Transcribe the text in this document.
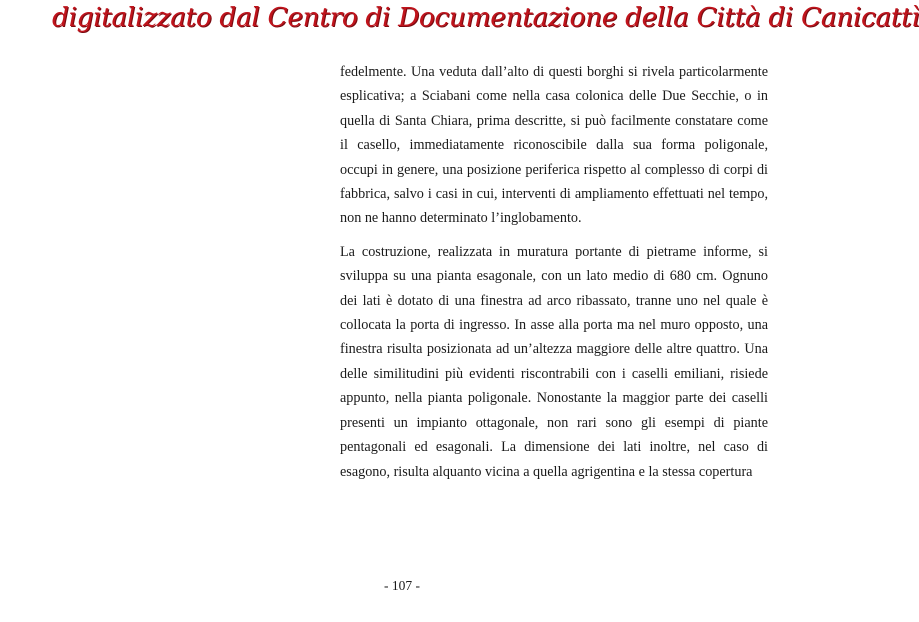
digitalizzato dal Centro di Documentazione della Città di Canicattì

fedelmente. Una veduta dall’alto di questi borghi si rivela particolarmente esplicativa; a Sciabani come nella casa colonica delle Due Secchie, o in quella di Santa Chiara, prima descritte, si può facilmente constatare come il casello, immediatamente riconoscibile dalla sua forma poligonale, occupi in genere, una posizione periferica rispetto al complesso di corpi di fabbrica, salvo i casi in cui, interventi di ampliamento effettuati nel tempo, non ne hanno determinato l’inglobamento.

La costruzione, realizzata in muratura portante di pietrame informe, si sviluppa su una pianta esagonale, con un lato medio di 680 cm. Ognuno dei lati è dotato di una finestra ad arco ribassato, tranne uno nel quale è collocata la porta di ingresso. In asse alla porta ma nel muro opposto, una finestra risulta posizionata ad un’altezza maggiore delle altre quattro. Una delle similitudini più evidenti riscontrabili con i caselli emiliani, risiede appunto, nella pianta poligonale. Nonostante la maggior parte dei caselli presenti un impianto ottagonale, non rari sono gli esempi di piante pentagonali ed esagonali. La dimensione dei lati inoltre, nel caso di esagono, risulta alquanto vicina a quella agrigentina e la stessa copertura

- 107 -
